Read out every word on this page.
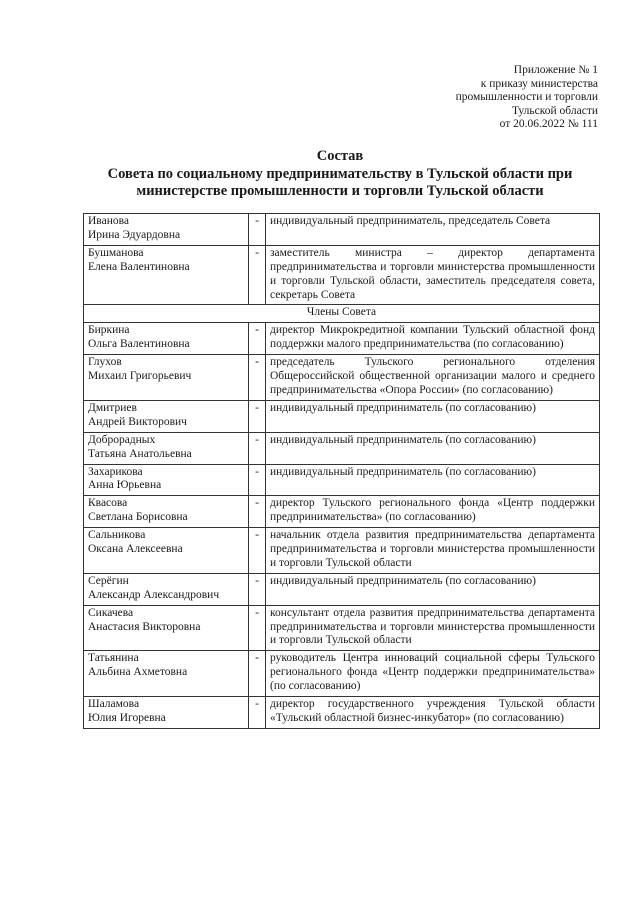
Приложение № 1
к приказу министерства
промышленности и торговли
Тульской области
от 20.06.2022 № 111
Состав
Совета по социальному предпринимательству в Тульской области при
министерстве промышленности и торговли Тульской области
Иванова
Ирина Эдуардовна	-	индивидуальный предприниматель, председатель Совета

Бушманова
Елена Валентиновна	-	заместитель министра – директор департамента предпринимательства и торговли министерства промышленности и торговли Тульской области, заместитель председателя совета, секретарь Совета
Члены Совета		

Биркина
Ольга Валентиновна	-	директор Микрокредитной компании Тульский областной фонд поддержки малого предпринимательства (по согласованию)

Глухов
Михаил Григорьевич	-	председатель Тульского регионального отделения Общероссийской общественной организации малого и среднего предпринимательства «Опора России» (по согласованию)

Дмитриев
Андрей Викторович	-	индивидуальный предприниматель (по согласованию)

Доброрадных
Татьяна Анатольевна	-	индивидуальный предприниматель (по согласованию)

Захарикова
Анна Юрьевна	-	индивидуальный предприниматель (по согласованию)

Квасова
Светлана Борисовна	-	директор Тульского регионального фонда «Центр поддержки предпринимательства» (по согласованию)

Сальникова
Оксана Алексеевна	-	начальник отдела развития предпринимательства департамента предпринимательства и торговли министерства промышленности и торговли Тульской области

Серёгин
Александр Александрович	-	индивидуальный предприниматель (по согласованию)

Сикачева
Анастасия Викторовна	-	консультант отдела развития предпринимательства департамента предпринимательства и торговли министерства промышленности и торговли Тульской области

Татьянина
Альбина Ахметовна	-	руководитель Центра инноваций социальной сферы Тульского регионального фонда «Центр поддержки предпринимательства» (по согласованию)

Шаламова
Юлия Игоревна	-	директор государственного учреждения Тульской области «Тульский областной бизнес-инкубатор» (по согласованию)
